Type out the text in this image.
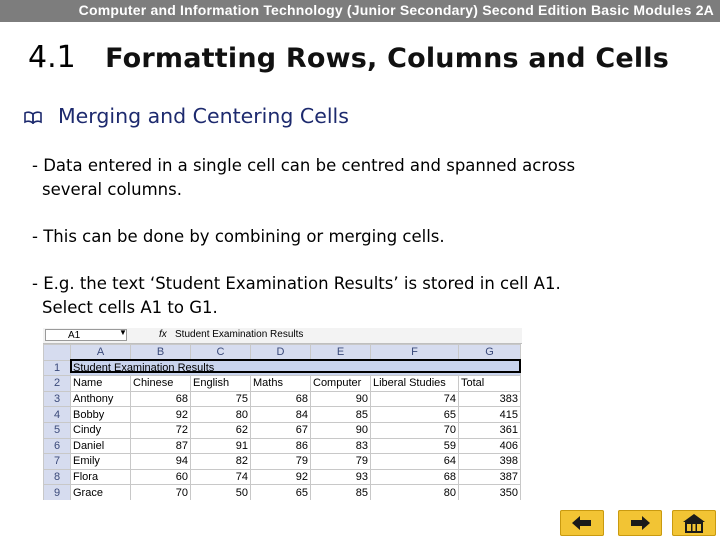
Computer and Information Technology (Junior Secondary) Second Edition Basic Modules 2A
4.1 Formatting Rows, Columns and Cells
Merging and Centering Cells
- Data entered in a single cell can be centred and spanned across
several columns.
- This can be done by combining or merging cells.
- E.g. the text ‘Student Examination Results’ is stored in cell A1.
Select cells A1 to G1.
A1	▼	fx Student Examination Results
	A	B	C	D	E	F	G
1	Student Examination Results						
2	Name	Chinese	English	Maths	Computer	Liberal Studies	Total
3	Anthony	68	75	68	90	74	383
4	Bobby	92	80	84	85	65	415
5	Cindy	72	62	67	90	70	361
6	Daniel	87	91	86	83	59	406
7	Emily	94	82	79	79	64	398
8	Flora	60	74	92	93	68	387
9	Grace	70	50	65	85	80	350
